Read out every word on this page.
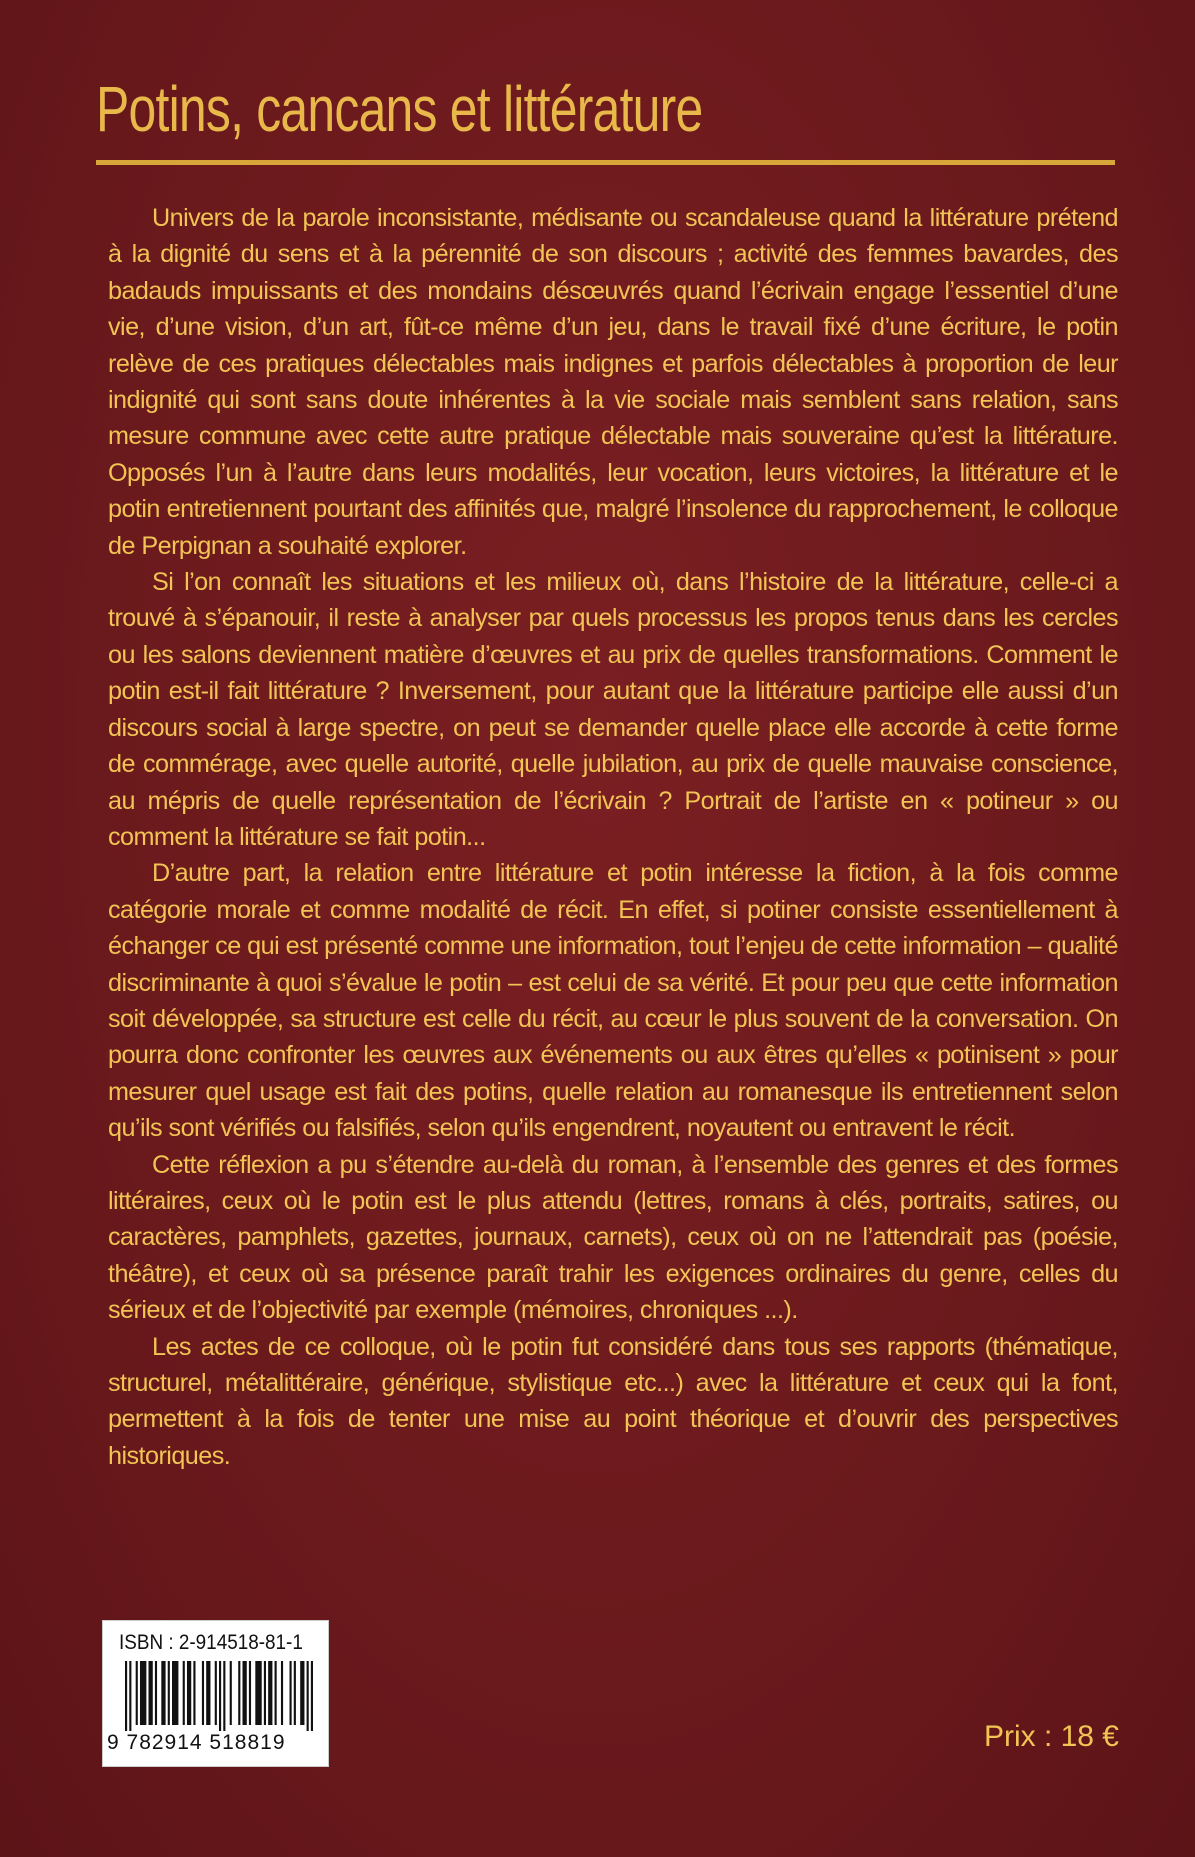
Potins, cancans et littérature

Univers de la parole inconsistante, médisante ou scandaleuse quand la littérature prétend à la dignité du sens et à la pérennité de son discours ; activité des femmes bavardes, des badauds impuissants et des mondains désœuvrés quand l’écrivain engage l’essentiel d’une vie, d’une vision, d’un art, fût-ce même d’un jeu, dans le travail fixé d’une écriture, le potin relève de ces pratiques délectables mais indignes et parfois délectables à proportion de leur indignité qui sont sans doute inhérentes à la vie sociale mais semblent sans relation, sans mesure commune avec cette autre pratique délectable mais souveraine qu’est la littérature. Opposés l’un à l’autre dans leurs modalités, leur vocation, leurs victoires, la littérature et le potin entretiennent pourtant des affinités que, malgré l’insolence du rapprochement, le colloque de Perpignan a souhaité explorer.

Si l’on connaît les situations et les milieux où, dans l’histoire de la littérature, celle-ci a trouvé à s’épanouir, il reste à analyser par quels processus les propos tenus dans les cercles ou les salons deviennent matière d’œuvres et au prix de quelles transformations. Comment le potin est-il fait littérature ? Inversement, pour autant que la littérature participe elle aussi d’un discours social à large spectre, on peut se demander quelle place elle accorde à cette forme de commérage, avec quelle autorité, quelle jubilation, au prix de quelle mauvaise conscience, au mépris de quelle représentation de l’écrivain ? Portrait de l’artiste en « potineur » ou comment la littérature se fait potin...

D’autre part, la relation entre littérature et potin intéresse la fiction, à la fois comme catégorie morale et comme modalité de récit. En effet, si potiner consiste essentiellement à échanger ce qui est présenté comme une information, tout l’enjeu de cette information – qualité discriminante à quoi s’évalue le potin – est celui de sa vérité. Et pour peu que cette information soit développée, sa structure est celle du récit, au cœur le plus souvent de la conversation. On pourra donc confronter les œuvres aux événements ou aux êtres qu’elles « potinisent » pour mesurer quel usage est fait des potins, quelle relation au romanesque ils entretiennent selon qu’ils sont vérifiés ou falsifiés, selon qu’ils engendrent, noyautent ou entravent le récit.

Cette réflexion a pu s’étendre au-delà du roman, à l’ensemble des genres et des formes littéraires, ceux où le potin est le plus attendu (lettres, romans à clés, portraits, satires, ou caractères, pamphlets, gazettes, journaux, carnets), ceux où on ne l’attendrait pas (poésie, théâtre), et ceux où sa présence paraît trahir les exigences ordinaires du genre, celles du sérieux et de l’objectivité par exemple (mémoires, chroniques ...).

Les actes de ce colloque, où le potin fut considéré dans tous ses rapports (thématique, structurel, métalittéraire, générique, stylistique etc...) avec la littérature et ceux qui la font, permettent à la fois de tenter une mise au point théorique et d’ouvrir des perspectives historiques.

ISBN : 2-914518-81-1
9 782914 518819	Prix : 18 €
